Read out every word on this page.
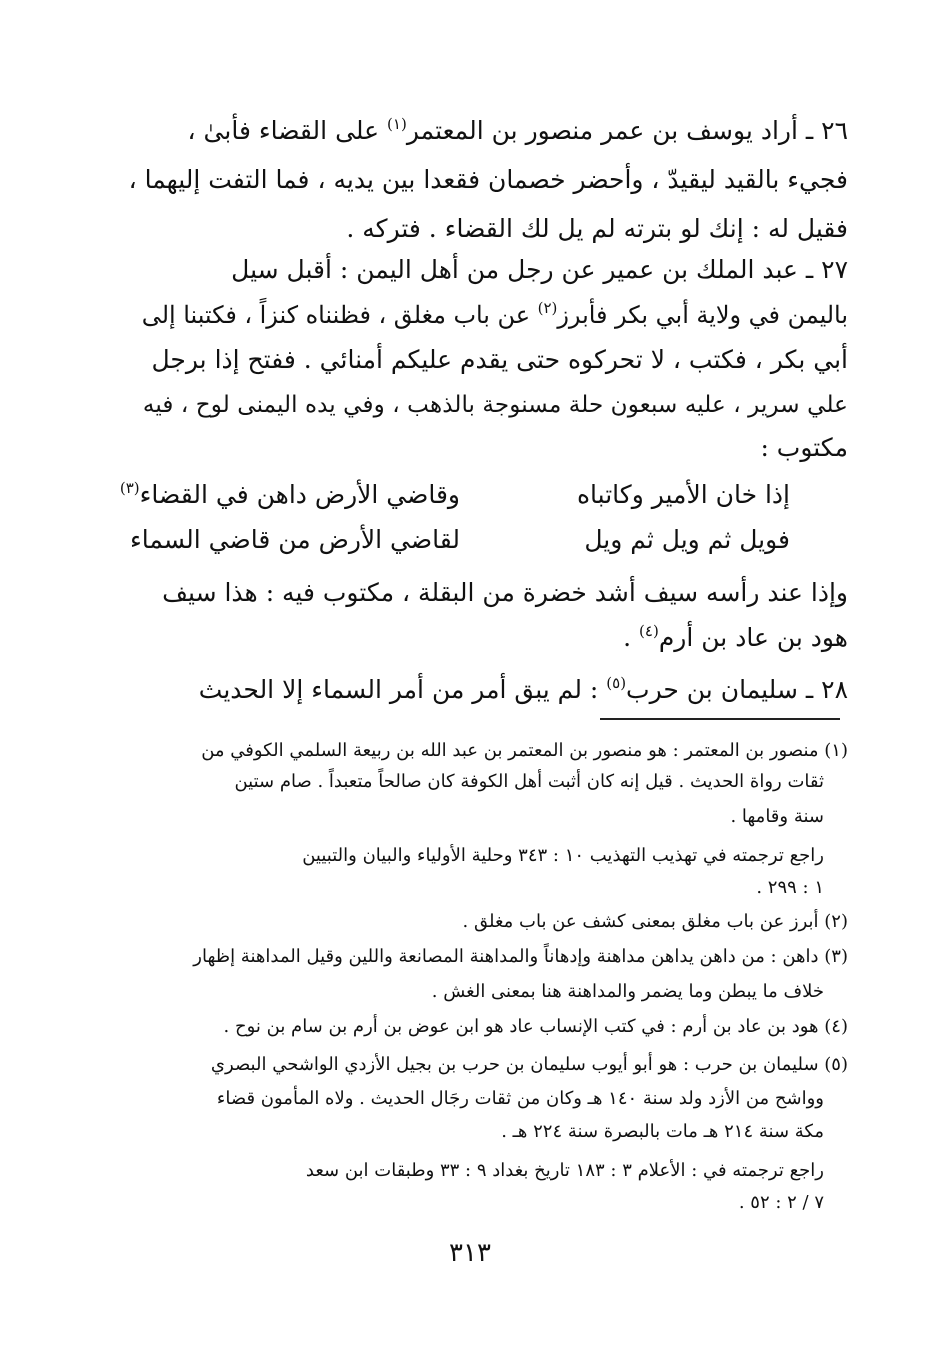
٢٦ ـ أراد يوسف بن عمر منصور بن المعتمر$^{(١)}$ على القضاء فأبىٰ ،
فجيء بالقيد ليقيدّ ، وأحضر خصمان فقعدا بين يديه ، فما التفت إليهما ،
فقيل له : إنك لو بترته لم يل لك القضاء . فتركه .
٢٧ ـ عبد الملك بن عمير عن رجل من أهل اليمن : أقبل سيل
باليمن في ولاية أبي بكر فأبرز$^{(٢)}$ عن باب مغلق ، فظنناه كنزاً ، فكتبنا إلى
أبي بكر ، فكتب ، لا تحركوه حتى يقدم عليكم أمنائي . ففتح إذا برجل
علي سرير ، عليه سبعون حلة مسنوجة بالذهب ، وفي يده اليمنى لوح ، فيه
مكتوب :
إذا خان الأمير وكاتباه
وقاضي الأرض داهن في القضاء$^{(٣)}$
فويل ثم ويل ثم ويل
لقاضي الأرض من قاضي السماء
وإذا عند رأسه سيف أشد خضرة من البقلة ، مكتوب فيه : هذا سيف
هود بن عاد بن أرم$^{(٤)}$ .
٢٨ ـ سليمان بن حرب$^{(٥)}$ : لم يبق أمر من أمر السماء إلا الحديث
(١) منصور بن المعتمر : هو منصور بن المعتمر بن عبد الله بن ربيعة السلمي الكوفي من
ثقات رواة الحديث . قيل إنه كان أثبت أهل الكوفة كان صالحاً متعبداً . صام ستين
سنة وقامها .
راجع ترجمته في تهذيب التهذيب ١٠ : ٣٤٣ وحلية الأولياء والبيان والتبيين
١ : ٢٩٩ .
(٢) أبرز عن باب مغلق بمعنى كشف عن باب مغلق .
(٣) داهن : من داهن يداهن مداهنة وإدهاناً والمداهنة المصانعة واللين وقيل المداهنة إظهار
خلاف ما يبطن وما يضمر والمداهنة هنا بمعنى الغش .
(٤) هود بن عاد بن أرم : في كتب الإنساب عاد هو ابن عوض بن أرم بن سام بن نوح .
(٥) سليمان بن حرب : هو أبو أيوب سليمان بن حرب بن بجيل الأزدي الواشحي البصري
وواشح من الأزد ولد سنة ١٤٠ هـ وكان من ثقات رجَال الحديث . ولاه المأمون قضاء
مكة سنة ٢١٤ هـ مات بالبصرة سنة ٢٢٤ هـ .
راجع ترجمته في : الأعلام ٣ : ١٨٣ تاريخ بغداد ٩ : ٣٣ وطبقات ابن سعد
٧ / ٢ : ٥٢ .
٣١٣
